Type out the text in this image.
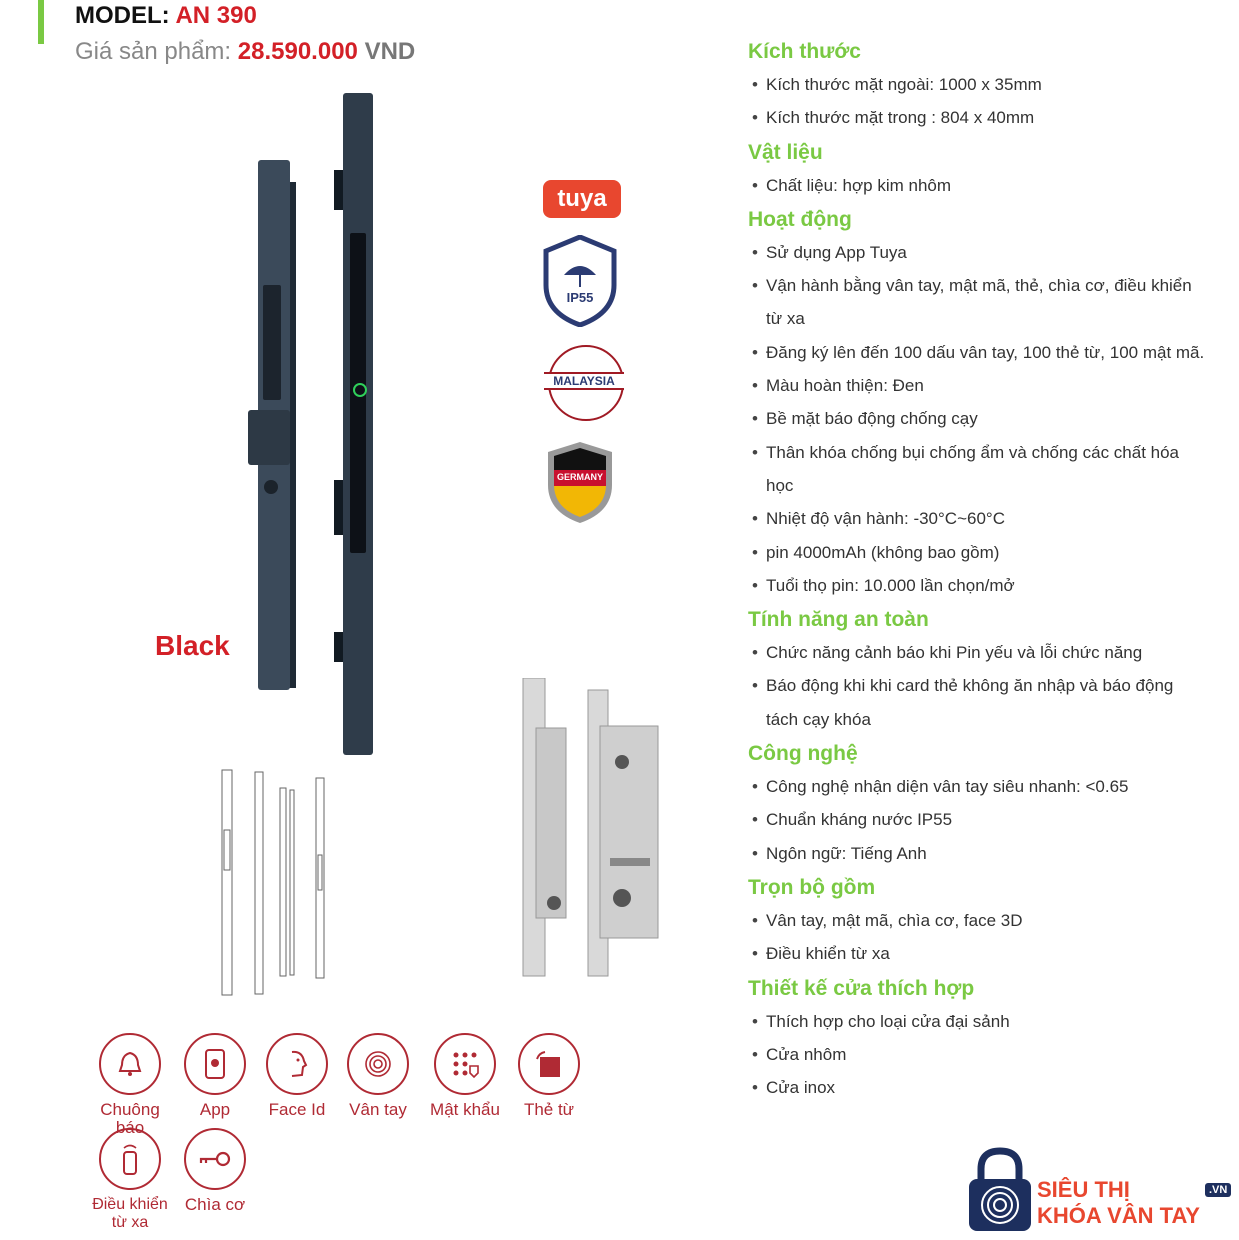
MODEL: AN 390
Giá sản phẩm: 28.590.000 VND
Black
tuya
IP55
MALAYSIA
GERMANY
Chuông báo
App	Face Id	Vân tay	Mật khẩu	Thẻ từ
Điều khiển từ xa
Chìa cơ
Kích thước
• Kích thước mặt ngoài: 1000 x 35mm
• Kích thước mặt trong : 804 x 40mm
Vật liệu
• Chất liệu: hợp kim nhôm
Hoạt động
• Sử dụng App Tuya
• Vận hành bằng vân tay, mật mã, thẻ, chìa cơ, điều khiển từ xa
• Đăng ký lên đến 100 dấu vân tay, 100 thẻ từ, 100 mật mã.
• Màu hoàn thiện: Đen
• Bề mặt báo động chống cạy
• Thân khóa chống bụi chống ẩm và chống các chất hóa học
• Nhiệt độ vận hành: -30°C~60°C
• pin 4000mAh (không bao gồm)
• Tuổi thọ pin: 10.000 lần chọn/mở
Tính năng an toàn
• Chức năng cảnh báo khi Pin yếu và lỗi chức năng
• Báo động khi khi card thẻ không ăn nhập và báo động tách cạy khóa
Công nghệ
• Công nghệ nhận diện vân tay siêu nhanh: <0.65
• Chuẩn kháng nước IP55
• Ngôn ngữ: Tiếng Anh
Trọn bộ gồm
• Vân tay, mật mã, chìa cơ, face 3D
• Điều khiển từ xa
Thiết kế cửa thích hợp
• Thích hợp cho loại cửa đại sảnh
• Cửa nhôm
• Cửa inox
SIÊU THỊ
KHÓA VÂN TAY
.VN
